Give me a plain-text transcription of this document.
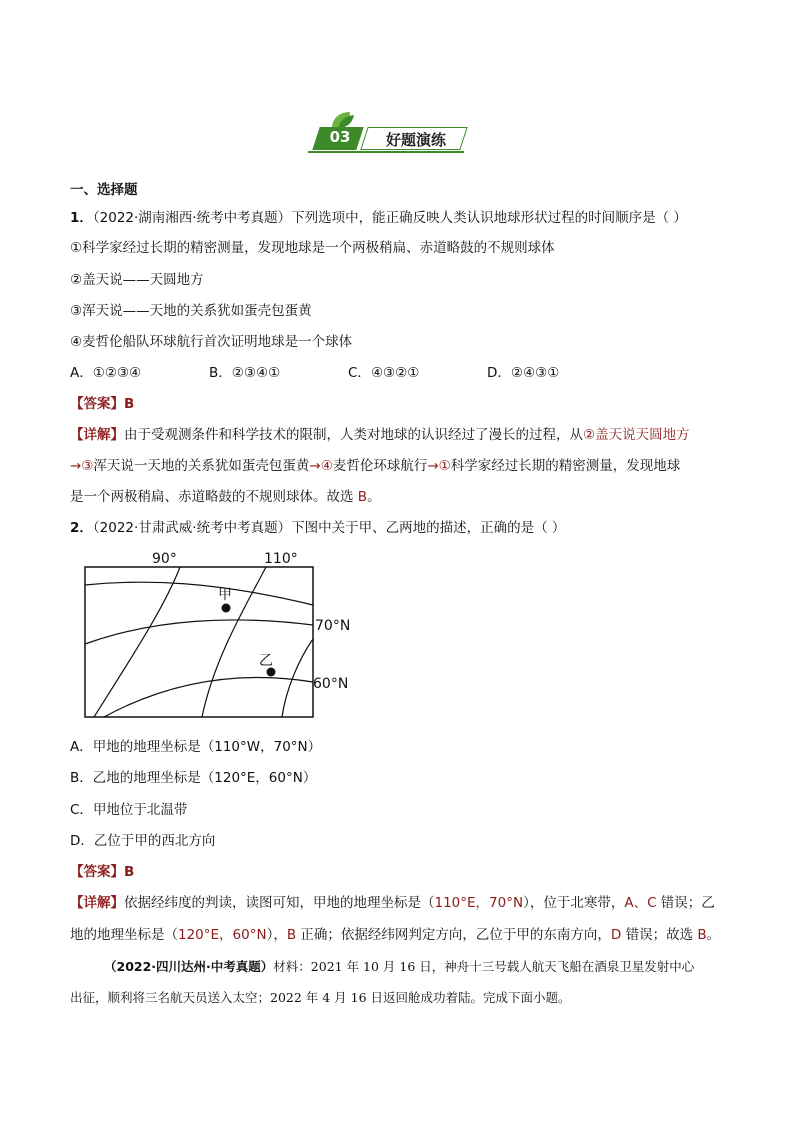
03	好题演练
一、选择题
1．（2022·湖南湘西·统考中考真题）下列选项中，能正确反映人类认识地球形状过程的时间顺序是（ ）
①科学家经过长期的精密测量，发现地球是一个两极稍扁、赤道略鼓的不规则球体
②盖天说——天圆地方
③浑天说——天地的关系犹如蛋壳包蛋黄
④麦哲伦船队环球航行首次证明地球是一个球体
A．①②③④	B．②③④①	C．④③②①	D．②④③①
【答案】B
【详解】由于受观测条件和科学技术的限制，人类对地球的认识经过了漫长的过程，从②盖天说天圆地方
→③浑天说一天地的关系犹如蛋壳包蛋黄→④麦哲伦环球航行→①科学家经过长期的精密测量，发现地球
是一个两极稍扁、赤道略鼓的不规则球体。故选 B。
2．（2022·甘肃武威·统考中考真题）下图中关于甲、乙两地的描述，正确的是（ ）
甲
乙
90°	110°
70°N
60°N
A．甲地的地理坐标是（110°W，70°N）
B．乙地的地理坐标是（120°E，60°N）
C．甲地位于北温带
D．乙位于甲的西北方向
【答案】B
【详解】依据经纬度的判读，读图可知，甲地的地理坐标是（110°E，70°N），位于北寒带，A、C 错误；乙
地的地理坐标是（120°E，60°N），B 正确；依据经纬网判定方向，乙位于甲的东南方向，D 错误；故选 B。
（2022·四川达州·中考真题）材料：2021 年 10 月 16 日，神舟十三号载人航天飞船在酒泉卫星发射中心
出征，顺利将三名航天员送入太空；2022 年 4 月 16 日返回舱成功着陆。完成下面小题。
